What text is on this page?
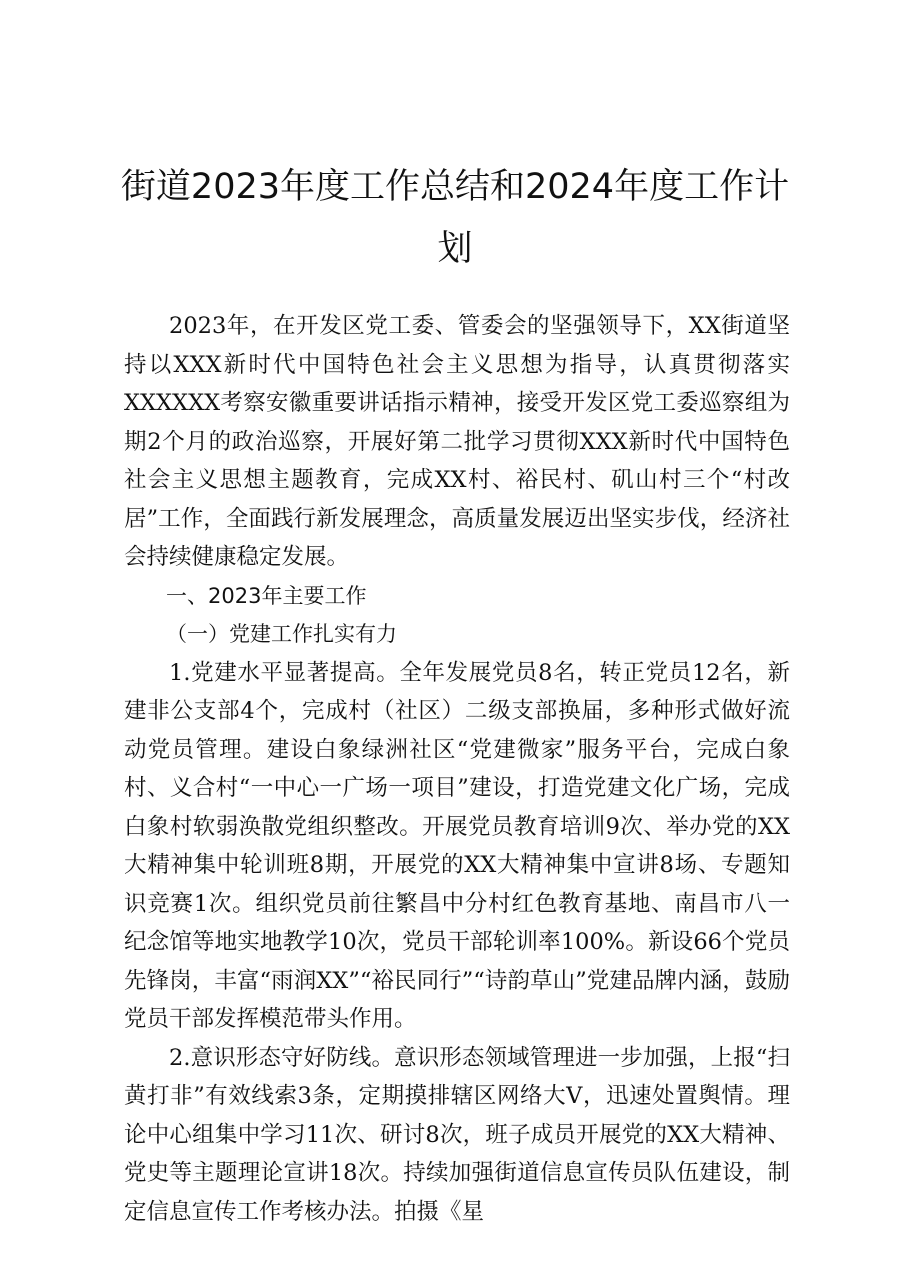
街道2023年度工作总结和2024年度工作计划

2023年，在开发区党工委、管委会的坚强领导下，XX街道坚持以XXX新时代中国特色社会主义思想为指导，认真贯彻落实XXXXXX考察安徽重要讲话指示精神，接受开发区党工委巡察组为期2个月的政治巡察，开展好第二批学习贯彻XXX新时代中国特色社会主义思想主题教育，完成XX村、裕民村、矶山村三个“村改居”工作，全面践行新发展理念，高质量发展迈出坚实步伐，经济社会持续健康稳定发展。

一、2023年主要工作

（一）党建工作扎实有力

1.党建水平显著提高。全年发展党员8名，转正党员12名，新建非公支部4个，完成村（社区）二级支部换届，多种形式做好流动党员管理。建设白象绿洲社区“党建微家”服务平台，完成白象村、义合村“一中心一广场一项目”建设，打造党建文化广场，完成白象村软弱涣散党组织整改。开展党员教育培训9次、举办党的XX大精神集中轮训班8期，开展党的XX大精神集中宣讲8场、专题知识竞赛1次。组织党员前往繁昌中分村红色教育基地、南昌市八一纪念馆等地实地教学10次，党员干部轮训率100%。新设66个党员先锋岗，丰富“雨润XX”“裕民同行”“诗韵草山”党建品牌内涵，鼓励党员干部发挥模范带头作用。

2.意识形态守好防线。意识形态领域管理进一步加强，上报“扫黄打非”有效线索3条，定期摸排辖区网络大V，迅速处置舆情。理论中心组集中学习11次、研讨8次，班子成员开展党的XX大精神、党史等主题理论宣讲18次。持续加强街道信息宣传员队伍建设，制定信息宣传工作考核办法。拍摄《星
